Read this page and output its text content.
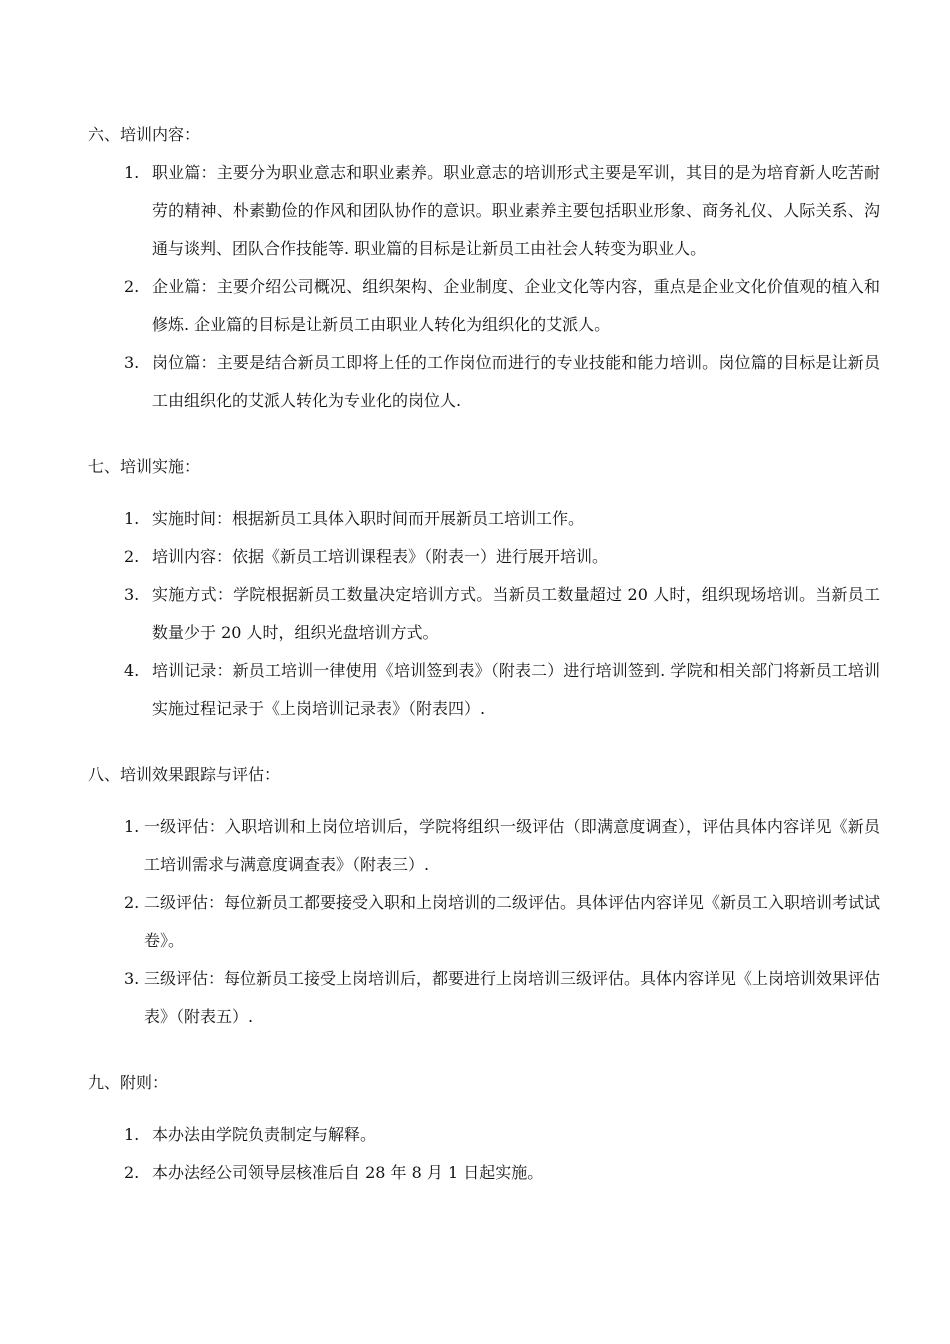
六、培训内容：
1. 职业篇：主要分为职业意志和职业素养。职业意志的培训形式主要是军训，其目的是为培育新人吃苦耐劳的精神、朴素勤俭的作风和团队协作的意识。职业素养主要包括职业形象、商务礼仪、人际关系、沟通与谈判、团队合作技能等. 职业篇的目标是让新员工由社会人转变为职业人。
2. 企业篇：主要介绍公司概况、组织架构、企业制度、企业文化等内容，重点是企业文化价值观的植入和修炼. 企业篇的目标是让新员工由职业人转化为组织化的艾派人。
3. 岗位篇：主要是结合新员工即将上任的工作岗位而进行的专业技能和能力培训。岗位篇的目标是让新员工由组织化的艾派人转化为专业化的岗位人.
七、培训实施：
1. 实施时间：根据新员工具体入职时间而开展新员工培训工作。
2. 培训内容：依据《新员工培训课程表》（附表一）进行展开培训。
3. 实施方式：学院根据新员工数量决定培训方式。当新员工数量超过 20 人时，组织现场培训。当新员工数量少于 20 人时，组织光盘培训方式。
4. 培训记录：新员工培训一律使用《培训签到表》（附表二）进行培训签到. 学院和相关部门将新员工培训实施过程记录于《上岗培训记录表》（附表四）.
八、培训效果跟踪与评估：
1. 一级评估：入职培训和上岗位培训后，学院将组织一级评估（即满意度调查），评估具体内容详见《新员工培训需求与满意度调查表》（附表三）.
2. 二级评估：每位新员工都要接受入职和上岗培训的二级评估。具体评估内容详见《新员工入职培训考试试卷》。
3. 三级评估：每位新员工接受上岗培训后，都要进行上岗培训三级评估。具体内容详见《上岗培训效果评估表》（附表五）.
九、附则：
1. 本办法由学院负责制定与解释。
2. 本办法经公司领导层核准后自 28 年 8 月 1 日起实施。
